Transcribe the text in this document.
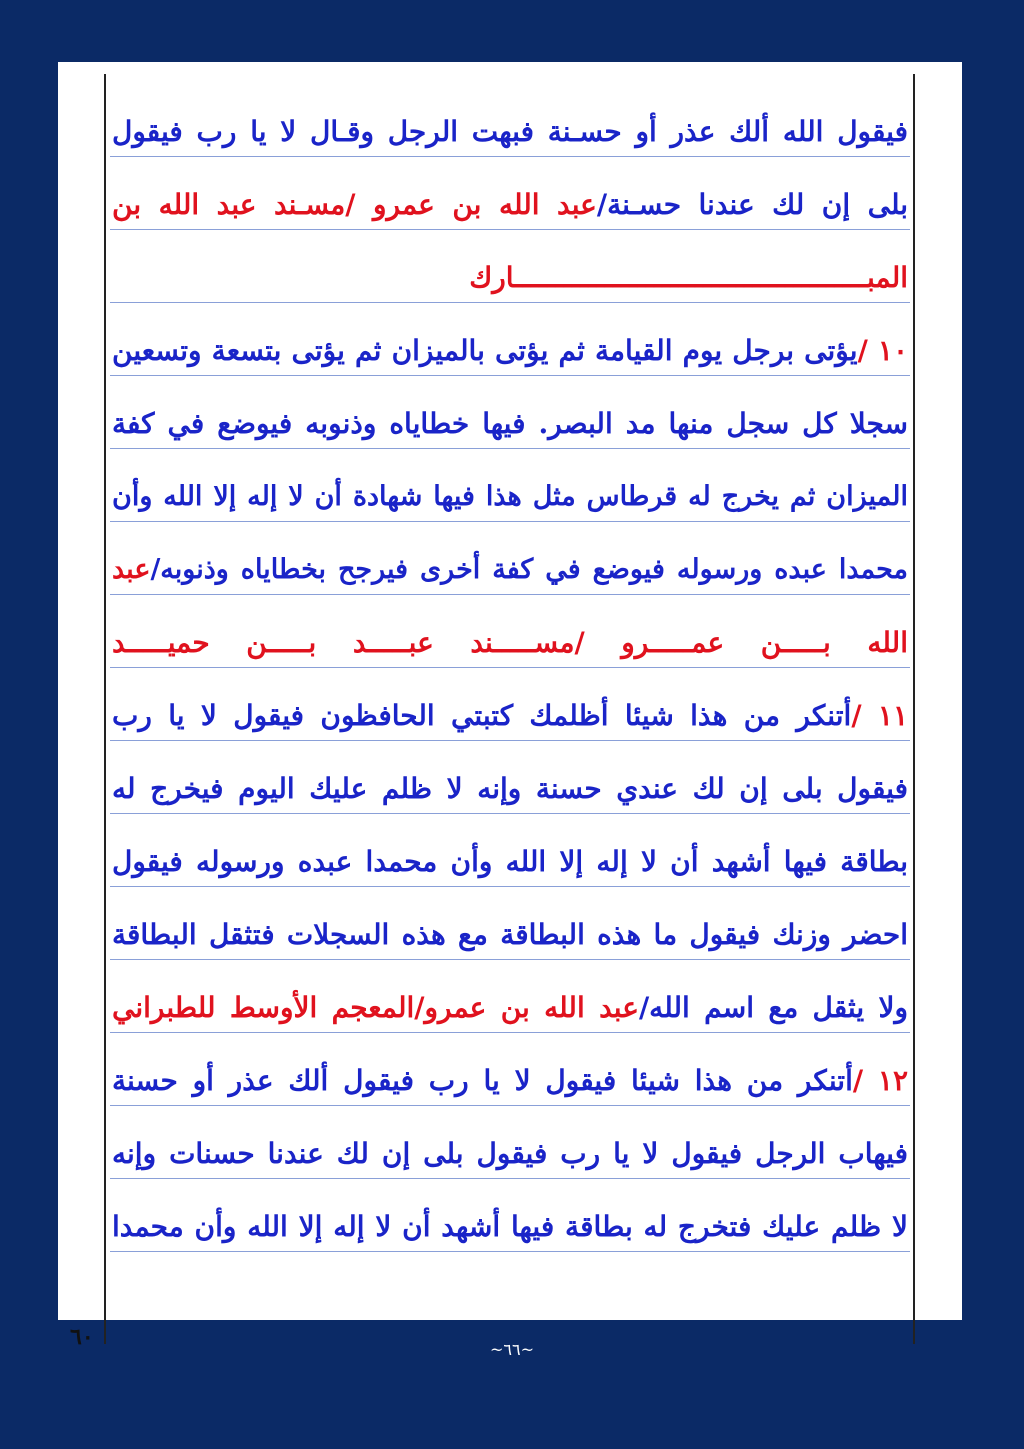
فيقول الله ألك عذر أو حسـنة فبهت الرجل وقـال لا يا رب فيقول
بلى إن لك عندنا حسـنة/عبد الله بن عمرو /مسـند عبد الله بن
المبـــــــــــــــــــــــــــــــــــــــــــارك
١٠ /يؤتى برجل يوم القيامة ثم يؤتى بالميزان ثم يؤتى بتسعة وتسعين
سجلا كل سجل منها مد البصر. فيها خطاياه وذنوبه فيوضع في كفة
الميزان ثم يخرج له قرطاس مثل هذا فيها شهادة أن لا إله إلا الله وأن
محمدا عبده ورسوله فيوضع في كفة أخرى فيرجح بخطاياه وذنوبه/عبد
الله بـــــن عمـــــرو /مســـــند عبـــــد بـــــن حميـــــد
١١ /أتنكر من هذا شيئا أظلمك كتبتي الحافظون فيقول لا يا رب
فيقول بلى إن لك عندي حسنة وإنه لا ظلم عليك اليوم فيخرج له
بطاقة فيها أشهد أن لا إله إلا الله وأن محمدا عبده ورسوله فيقول
احضر وزنك فيقول ما هذه البطاقة مع هذه السجلات فتثقل البطاقة
ولا يثقل مع اسم الله/عبد الله بن عمرو/المعجم الأوسط للطبراني
١٢ /أتنكر من هذا شيئا فيقول لا يا رب فيقول ألك عذر أو حسنة
فيهاب الرجل فيقول لا يا رب فيقول بلى إن لك عندنا حسنات وإنه
لا ظلم عليك فتخرج له بطاقة فيها أشهد أن لا إله إلا الله وأن محمدا
٦٠	~٦٦~
